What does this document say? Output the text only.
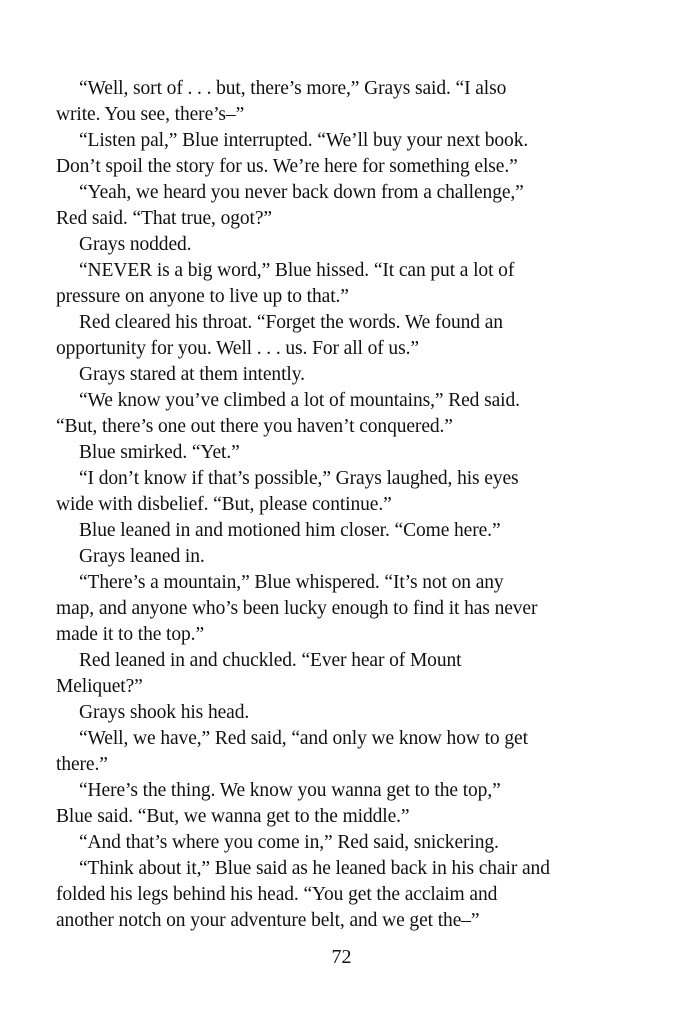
“Well, sort of . . . but, there’s more,” Grays said. “I also
write. You see, there’s–”

“Listen pal,” Blue interrupted. “We’ll buy your next book.
Don’t spoil the story for us. We’re here for something else.”

“Yeah, we heard you never back down from a challenge,”
Red said. “That true, ogot?”

Grays nodded.

“NEVER is a big word,” Blue hissed. “It can put a lot of
pressure on anyone to live up to that.”

Red cleared his throat. “Forget the words. We found an
opportunity for you. Well . . . us. For all of us.”

Grays stared at them intently.

“We know you’ve climbed a lot of mountains,” Red said.
“But, there’s one out there you haven’t conquered.”

Blue smirked. “Yet.”

“I don’t know if that’s possible,” Grays laughed, his eyes
wide with disbelief. “But, please continue.”

Blue leaned in and motioned him closer. “Come here.”

Grays leaned in.

“There’s a mountain,” Blue whispered. “It’s not on any
map, and anyone who’s been lucky enough to find it has never
made it to the top.”

Red leaned in and chuckled. “Ever hear of Mount
Meliquet?”

Grays shook his head.

“Well, we have,” Red said, “and only we know how to get
there.”

“Here’s the thing. We know you wanna get to the top,”
Blue said. “But, we wanna get to the middle.”

“And that’s where you come in,” Red said, snickering.

“Think about it,” Blue said as he leaned back in his chair and
folded his legs behind his head. “You get the acclaim and
another notch on your adventure belt, and we get the–”

72
